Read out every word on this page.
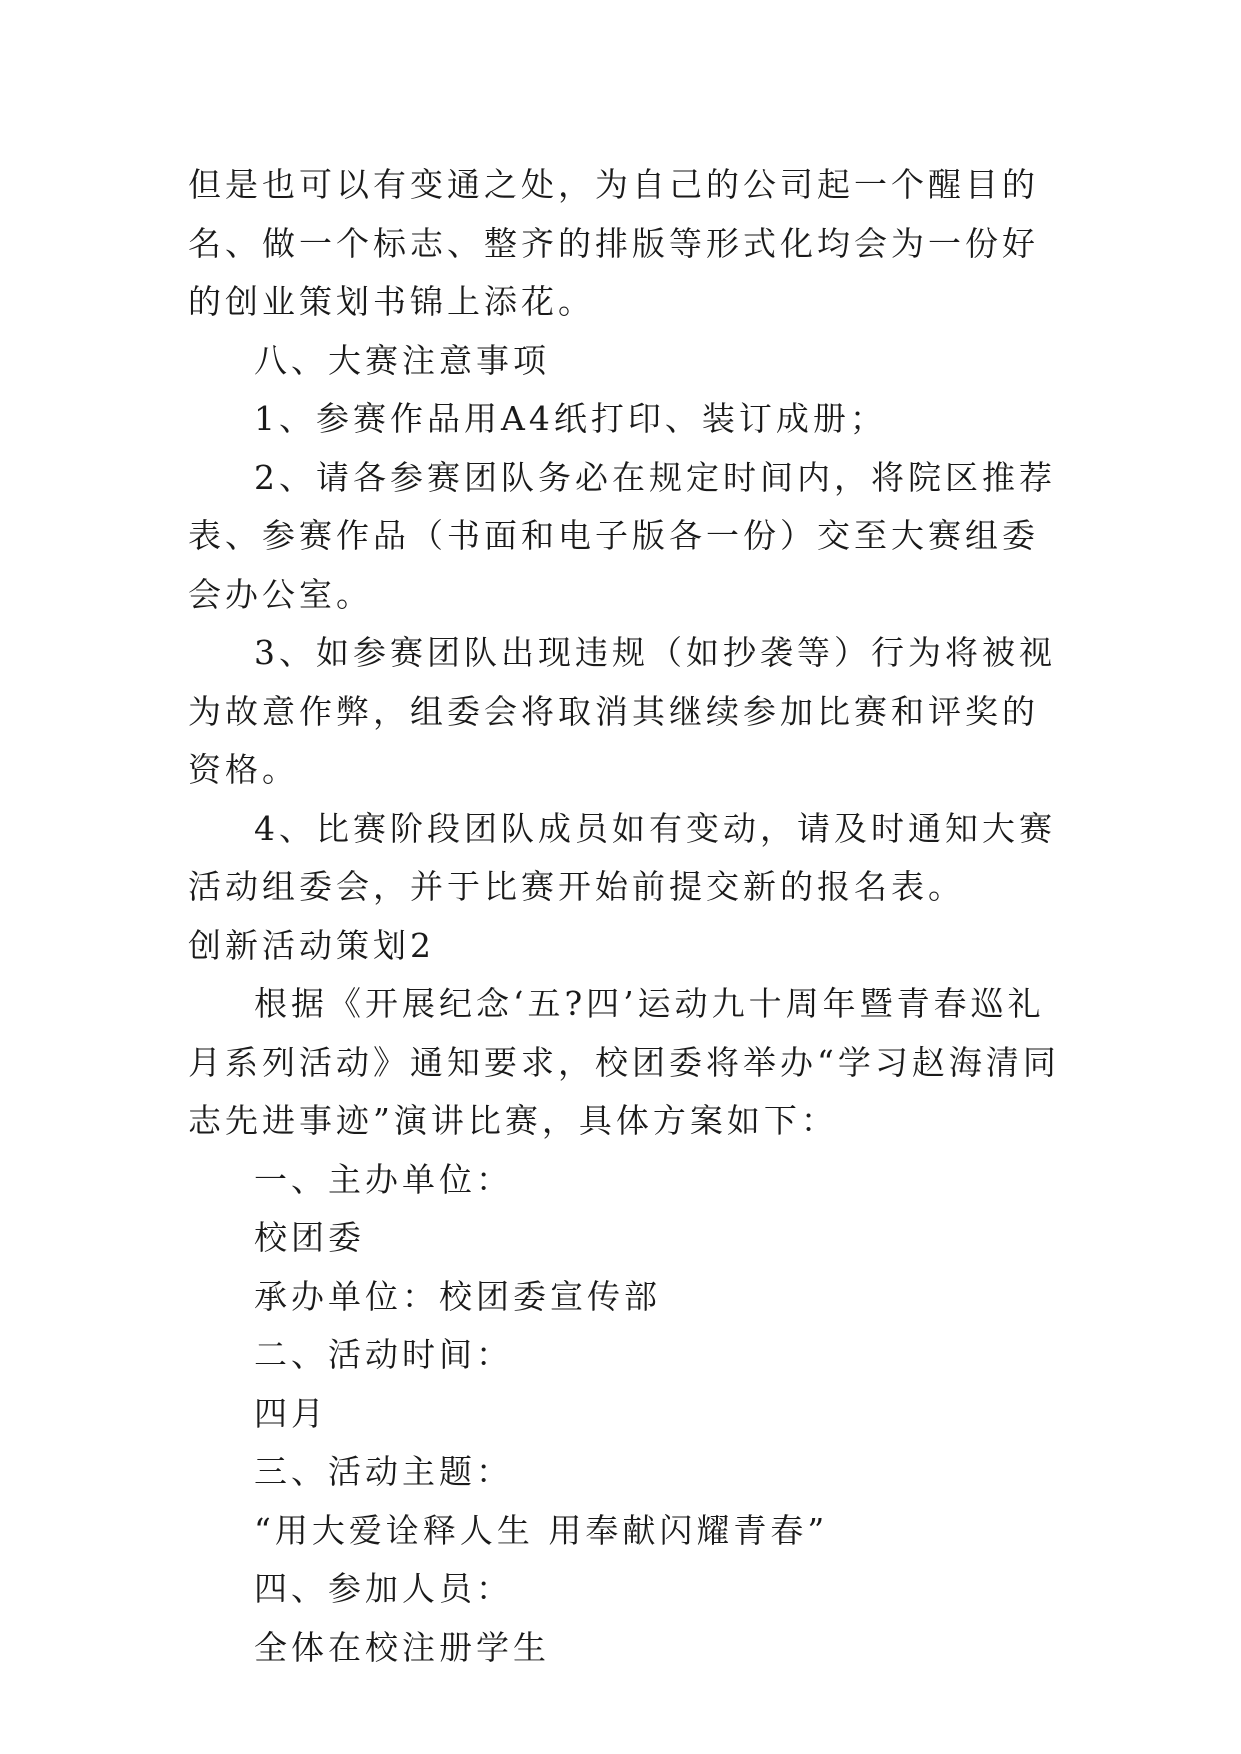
但是也可以有变通之处，为自己的公司起一个醒目的名、做一个标志、整齐的排版等形式化均会为一份好的创业策划书锦上添花。

八、大赛注意事项

1、参赛作品用A4纸打印、装订成册；

2、请各参赛团队务必在规定时间内，将院区推荐表、参赛作品（书面和电子版各一份）交至大赛组委会办公室。

3、如参赛团队出现违规（如抄袭等）行为将被视为故意作弊，组委会将取消其继续参加比赛和评奖的资格。

4、比赛阶段团队成员如有变动，请及时通知大赛活动组委会，并于比赛开始前提交新的报名表。

创新活动策划2

根据《开展纪念‘五?四’运动九十周年暨青春巡礼月系列活动》通知要求，校团委将举办“学习赵海清同志先进事迹”演讲比赛，具体方案如下：

一、主办单位：

校团委

承办单位：校团委宣传部

二、活动时间：

四月

三、活动主题：

“用大爱诠释人生 用奉献闪耀青春”

四、参加人员：

全体在校注册学生
